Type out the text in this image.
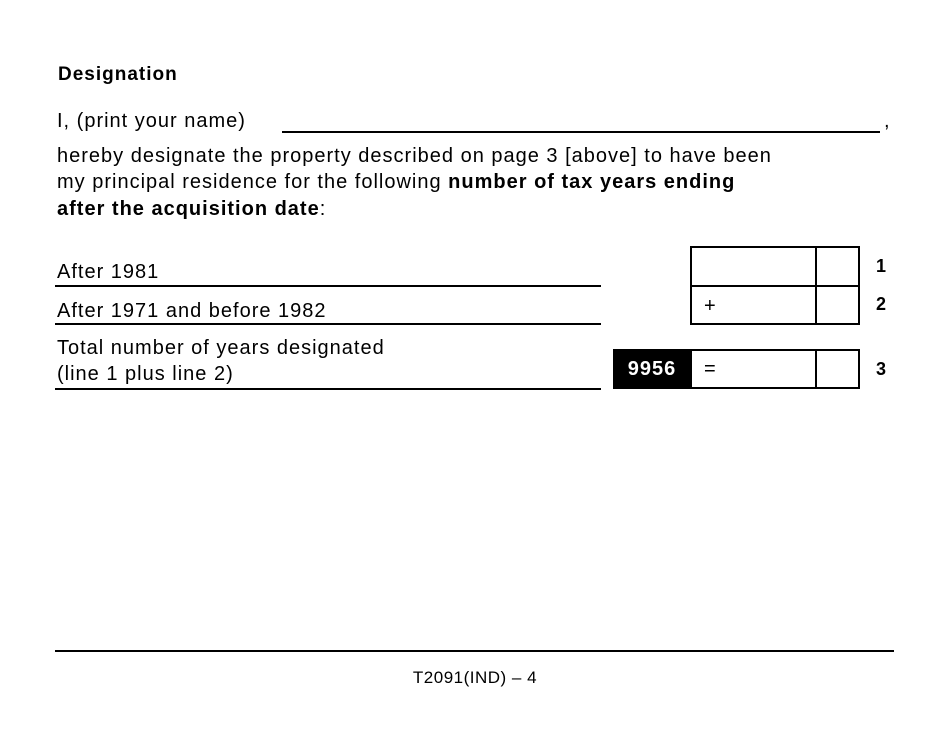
Designation
I, (print your name)	,
hereby designate the property described on page 3 [above] to have been
my principal residence for the following number of tax years ending
after the acquisition date:
After 1981	1
After 1971 and before 1982	+	2
Total number of years designated
(line 1 plus line 2)	9956	=	3
T2091(IND) – 4
